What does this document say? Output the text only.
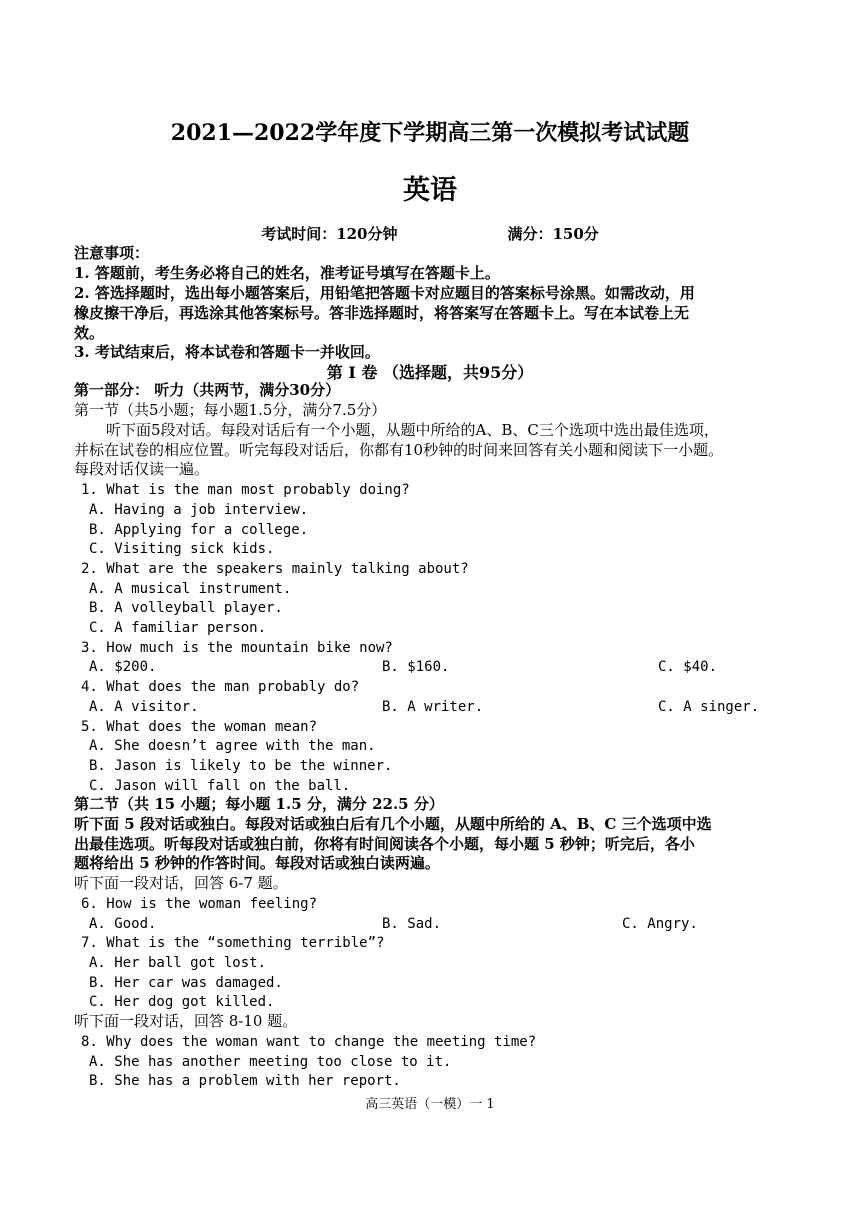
2021—2022学年度下学期高三第一次模拟考试试题
英语
考试时间：120分钟	满分：150分
注意事项：
1. 答题前，考生务必将自己的姓名，准考证号填写在答题卡上。
2. 答选择题时，选出每小题答案后，用铅笔把答题卡对应题目的答案标号涂黑。如需改动，用
橡皮擦干净后，再选涂其他答案标号。答非选择题时，将答案写在答题卡上。写在本试卷上无
效。
3. 考试结束后，将本试卷和答题卡一并收回。
第 Ⅰ 卷 （选择题，共95分）
第一部分： 听力（共两节，满分30分）
第一节（共5小题；每小题1.5分，满分7.5分）
听下面5段对话。每段对话后有一个小题，从题中所给的A、B、C三个选项中选出最佳选项，
并标在试卷的相应位置。听完每段对话后，你都有10秒钟的时间来回答有关小题和阅读下一小题。
每段对话仅读一遍。
1. What is the man most probably doing?
A. Having a job interview.
B. Applying for a college.
C. Visiting sick kids.
2. What are the speakers mainly talking about?
A. A musical instrument.
B. A volleyball player.
C. A familiar person.
3. How much is the mountain bike now?
A. $200.	B. $160.	C. $40.
4. What does the man probably do?
A. A visitor.	B. A writer.	C. A singer.
5. What does the woman mean?
A. She doesn’t agree with the man.
B. Jason is likely to be the winner.
C. Jason will fall on the ball.
第二节（共 15 小题；每小题 1.5 分，满分 22.5 分）
听下面 5 段对话或独白。每段对话或独白后有几个小题，从题中所给的 A、B、C 三个选项中选
出最佳选项。听每段对话或独白前，你将有时间阅读各个小题，每小题 5 秒钟；听完后，各小
题将给出 5 秒钟的作答时间。每段对话或独白读两遍。
听下面一段对话，回答 6-7 题。
6. How is the woman feeling?
A. Good.	B. Sad.	C. Angry.
7. What is the “something terrible”?
A. Her ball got lost.
B. Her car was damaged.
C. Her dog got killed.
听下面一段对话，回答 8-10 题。
8. Why does the woman want to change the meeting time?
A. She has another meeting too close to it.
B. She has a problem with her report.
高三英语（一模）一 1
